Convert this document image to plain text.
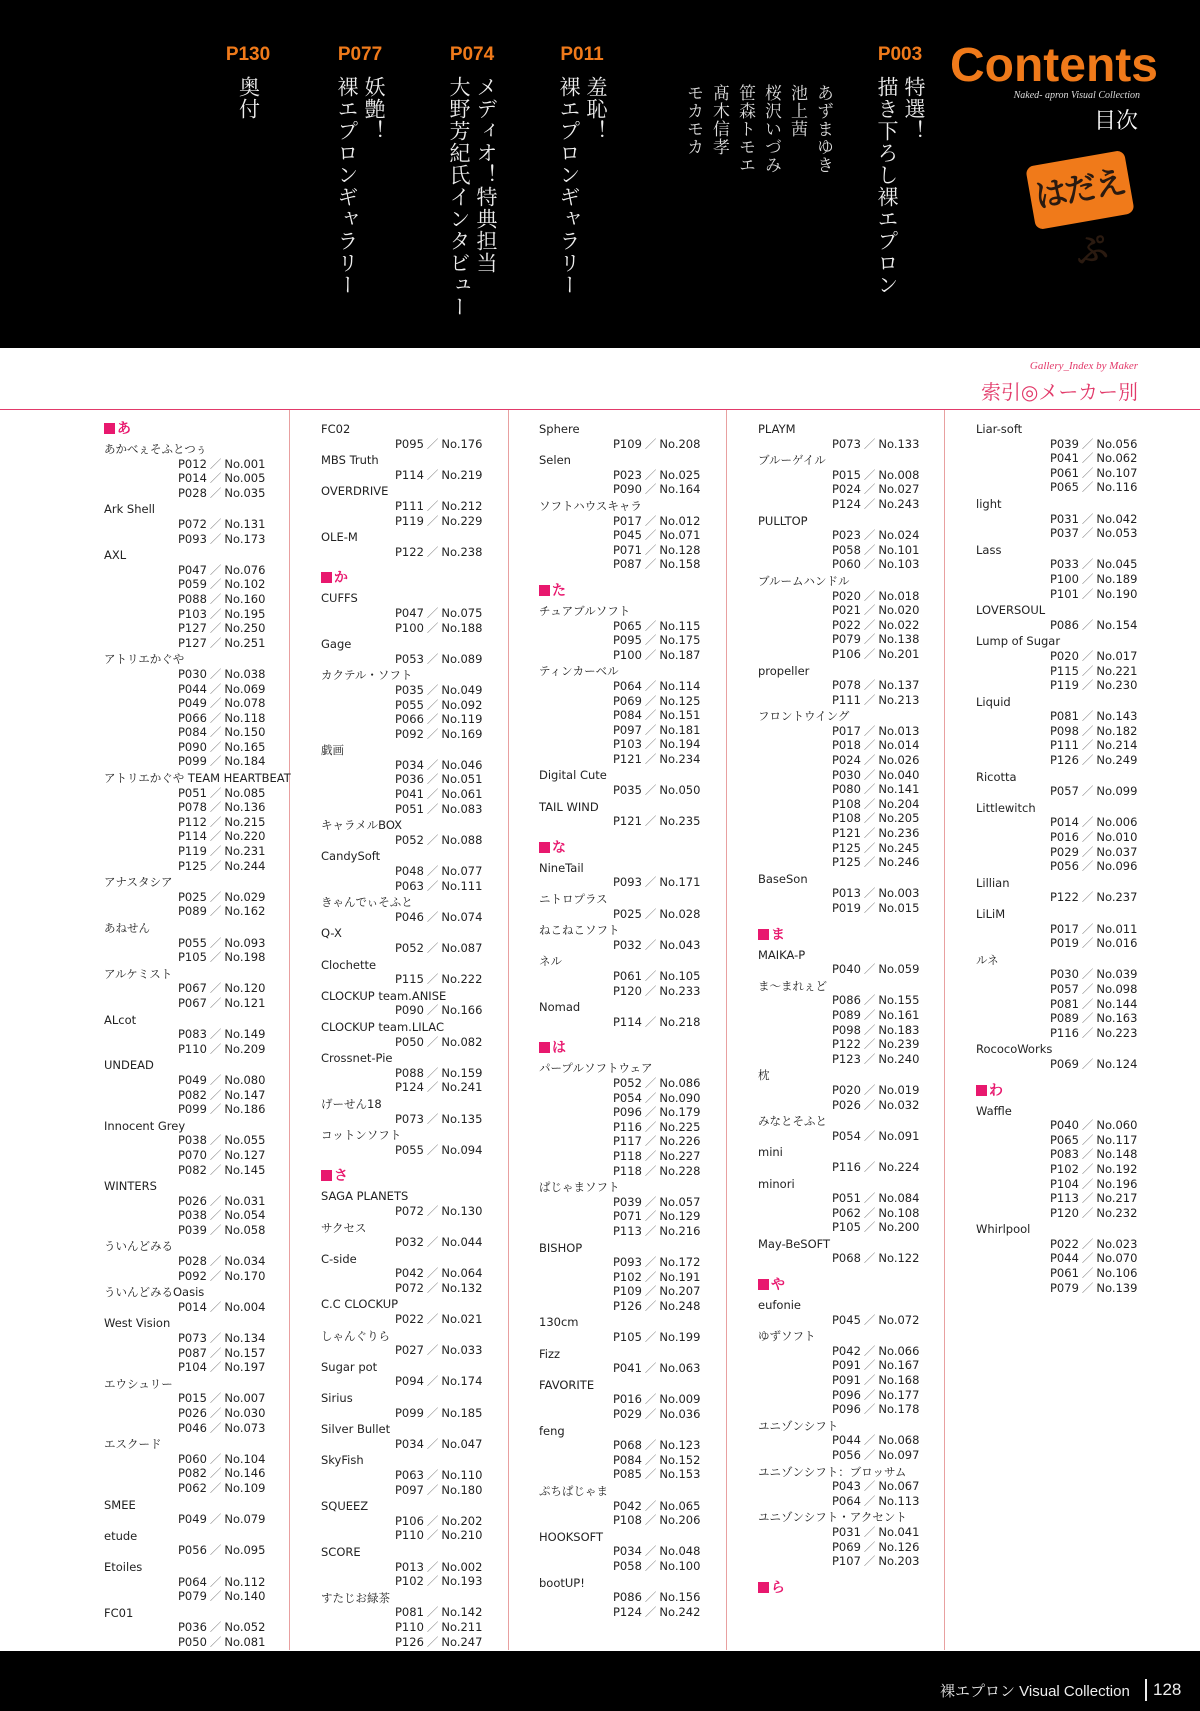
P003
特選！
描き下ろし裸エプロン
あずまゆき
池上茜
桜沢いづみ
笹森トモエ
髙木信孝
モカモカ
P011
羞恥！
裸エプロンギャラリー
P074
メディオ！特典担当
大野芳紀氏インタビュー
P077
妖艶！
裸エプロンギャラリー
P130
奥付
Contents
Naked- apron Visual Collection
目次
はだえぷ
Gallery_Index by Maker
索引◎メーカー別
あ
あかべぇそふとつぅ
P012 ／ No.001
P014 ／ No.005
P028 ／ No.035
Ark Shell
P072 ／ No.131
P093 ／ No.173
AXL
P047 ／ No.076
P059 ／ No.102
P088 ／ No.160
P103 ／ No.195
P127 ／ No.250
P127 ／ No.251
アトリエかぐや
P030 ／ No.038
P044 ／ No.069
P049 ／ No.078
P066 ／ No.118
P084 ／ No.150
P090 ／ No.165
P099 ／ No.184
アトリエかぐや TEAM HEARTBEAT
P051 ／ No.085
P078 ／ No.136
P112 ／ No.215
P114 ／ No.220
P119 ／ No.231
P125 ／ No.244
アナスタシア
P025 ／ No.029
P089 ／ No.162
あねせん
P055 ／ No.093
P105 ／ No.198
アルケミスト
P067 ／ No.120
P067 ／ No.121
ALcot
P083 ／ No.149
P110 ／ No.209
UNDEAD
P049 ／ No.080
P082 ／ No.147
P099 ／ No.186
Innocent Grey
P038 ／ No.055
P070 ／ No.127
P082 ／ No.145
WINTERS
P026 ／ No.031
P038 ／ No.054
P039 ／ No.058
ういんどみる
P028 ／ No.034
P092 ／ No.170
ういんどみるOasis
P014 ／ No.004
West Vision
P073 ／ No.134
P087 ／ No.157
P104 ／ No.197
エウシュリー
P015 ／ No.007
P026 ／ No.030
P046 ／ No.073
エスクード
P060 ／ No.104
P082 ／ No.146
P062 ／ No.109
SMEE
P049 ／ No.079
etude
P056 ／ No.095
Etoiles
P064 ／ No.112
P079 ／ No.140
FC01
P036 ／ No.052
P050 ／ No.081
FC02
P095 ／ No.176
MBS Truth
P114 ／ No.219
OVERDRIVE
P111 ／ No.212
P119 ／ No.229
OLE-M
P122 ／ No.238
か
CUFFS
P047 ／ No.075
P100 ／ No.188
Gage
P053 ／ No.089
カクテル・ソフト
P035 ／ No.049
P055 ／ No.092
P066 ／ No.119
P092 ／ No.169
戯画
P034 ／ No.046
P036 ／ No.051
P041 ／ No.061
P051 ／ No.083
キャラメルBOX
P052 ／ No.088
CandySoft
P048 ／ No.077
P063 ／ No.111
きゃんでぃそふと
P046 ／ No.074
Q-X
P052 ／ No.087
Clochette
P115 ／ No.222
CLOCKUP team.ANISE
P090 ／ No.166
CLOCKUP team.LILAC
P050 ／ No.082
Crossnet-Pie
P088 ／ No.159
P124 ／ No.241
げーせん18
P073 ／ No.135
コットンソフト
P055 ／ No.094
さ
SAGA PLANETS
P072 ／ No.130
サクセス
P032 ／ No.044
C-side
P042 ／ No.064
P072 ／ No.132
C.C CLOCKUP
P022 ／ No.021
しゃんぐりら
P027 ／ No.033
Sugar pot
P094 ／ No.174
Sirius
P099 ／ No.185
Silver Bullet
P034 ／ No.047
SkyFish
P063 ／ No.110
P097 ／ No.180
SQUEEZ
P106 ／ No.202
P110 ／ No.210
SCORE
P013 ／ No.002
P102 ／ No.193
すたじお緑茶
P081 ／ No.142
P110 ／ No.211
P126 ／ No.247
Sphere
P109 ／ No.208
Selen
P023 ／ No.025
P090 ／ No.164
ソフトハウスキャラ
P017 ／ No.012
P045 ／ No.071
P071 ／ No.128
P087 ／ No.158
た
チュアブルソフト
P065 ／ No.115
P095 ／ No.175
P100 ／ No.187
ティンカーベル
P064 ／ No.114
P069 ／ No.125
P084 ／ No.151
P097 ／ No.181
P103 ／ No.194
P121 ／ No.234
Digital Cute
P035 ／ No.050
TAIL WIND
P121 ／ No.235
な
NineTail
P093 ／ No.171
ニトロプラス
P025 ／ No.028
ねこねこソフト
P032 ／ No.043
ネル
P061 ／ No.105
P120 ／ No.233
Nomad
P114 ／ No.218
は
パープルソフトウェア
P052 ／ No.086
P054 ／ No.090
P096 ／ No.179
P116 ／ No.225
P117 ／ No.226
P118 ／ No.227
P118 ／ No.228
ぱじゃまソフト
P039 ／ No.057
P071 ／ No.129
P113 ／ No.216
BISHOP
P093 ／ No.172
P102 ／ No.191
P109 ／ No.207
P126 ／ No.248
130cm
P105 ／ No.199
Fizz
P041 ／ No.063
FAVORITE
P016 ／ No.009
P029 ／ No.036
feng
P068 ／ No.123
P084 ／ No.152
P085 ／ No.153
ぷちぱじゃま
P042 ／ No.065
P108 ／ No.206
HOOKSOFT
P034 ／ No.048
P058 ／ No.100
bootUP!
P086 ／ No.156
P124 ／ No.242
PLAYM
P073 ／ No.133
ブルーゲイル
P015 ／ No.008
P024 ／ No.027
P124 ／ No.243
PULLTOP
P023 ／ No.024
P058 ／ No.101
P060 ／ No.103
ブルームハンドル
P020 ／ No.018
P021 ／ No.020
P022 ／ No.022
P079 ／ No.138
P106 ／ No.201
propeller
P078 ／ No.137
P111 ／ No.213
フロントウイング
P017 ／ No.013
P018 ／ No.014
P024 ／ No.026
P030 ／ No.040
P080 ／ No.141
P108 ／ No.204
P108 ／ No.205
P121 ／ No.236
P125 ／ No.245
P125 ／ No.246
BaseSon
P013 ／ No.003
P019 ／ No.015
ま
MAIKA-P
P040 ／ No.059
ま～まれぇど
P086 ／ No.155
P089 ／ No.161
P098 ／ No.183
P122 ／ No.239
P123 ／ No.240
枕
P020 ／ No.019
P026 ／ No.032
みなとそふと
P054 ／ No.091
mini
P116 ／ No.224
minori
P051 ／ No.084
P062 ／ No.108
P105 ／ No.200
May-BeSOFT
P068 ／ No.122
や
eufonie
P045 ／ No.072
ゆずソフト
P042 ／ No.066
P091 ／ No.167
P091 ／ No.168
P096 ／ No.177
P096 ／ No.178
ユニゾンシフト
P044 ／ No.068
P056 ／ No.097
ユニゾンシフト：ブロッサム
P043 ／ No.067
P064 ／ No.113
ユニゾンシフト・アクセント
P031 ／ No.041
P069 ／ No.126
P107 ／ No.203
ら
Liar-soft
P039 ／ No.056
P041 ／ No.062
P061 ／ No.107
P065 ／ No.116
light
P031 ／ No.042
P037 ／ No.053
Lass
P033 ／ No.045
P100 ／ No.189
P101 ／ No.190
LOVERSOUL
P086 ／ No.154
Lump of Sugar
P020 ／ No.017
P115 ／ No.221
P119 ／ No.230
Liquid
P081 ／ No.143
P098 ／ No.182
P111 ／ No.214
P126 ／ No.249
Ricotta
P057 ／ No.099
Littlewitch
P014 ／ No.006
P016 ／ No.010
P029 ／ No.037
P056 ／ No.096
Lillian
P122 ／ No.237
LiLiM
P017 ／ No.011
P019 ／ No.016
ルネ
P030 ／ No.039
P057 ／ No.098
P081 ／ No.144
P089 ／ No.163
P116 ／ No.223
RococoWorks
P069 ／ No.124
わ
Waffle
P040 ／ No.060
P065 ／ No.117
P083 ／ No.148
P102 ／ No.192
P104 ／ No.196
P113 ／ No.217
P120 ／ No.232
Whirlpool
P022 ／ No.023
P044 ／ No.070
P061 ／ No.106
P079 ／ No.139
裸エプロン Visual Collection 128
